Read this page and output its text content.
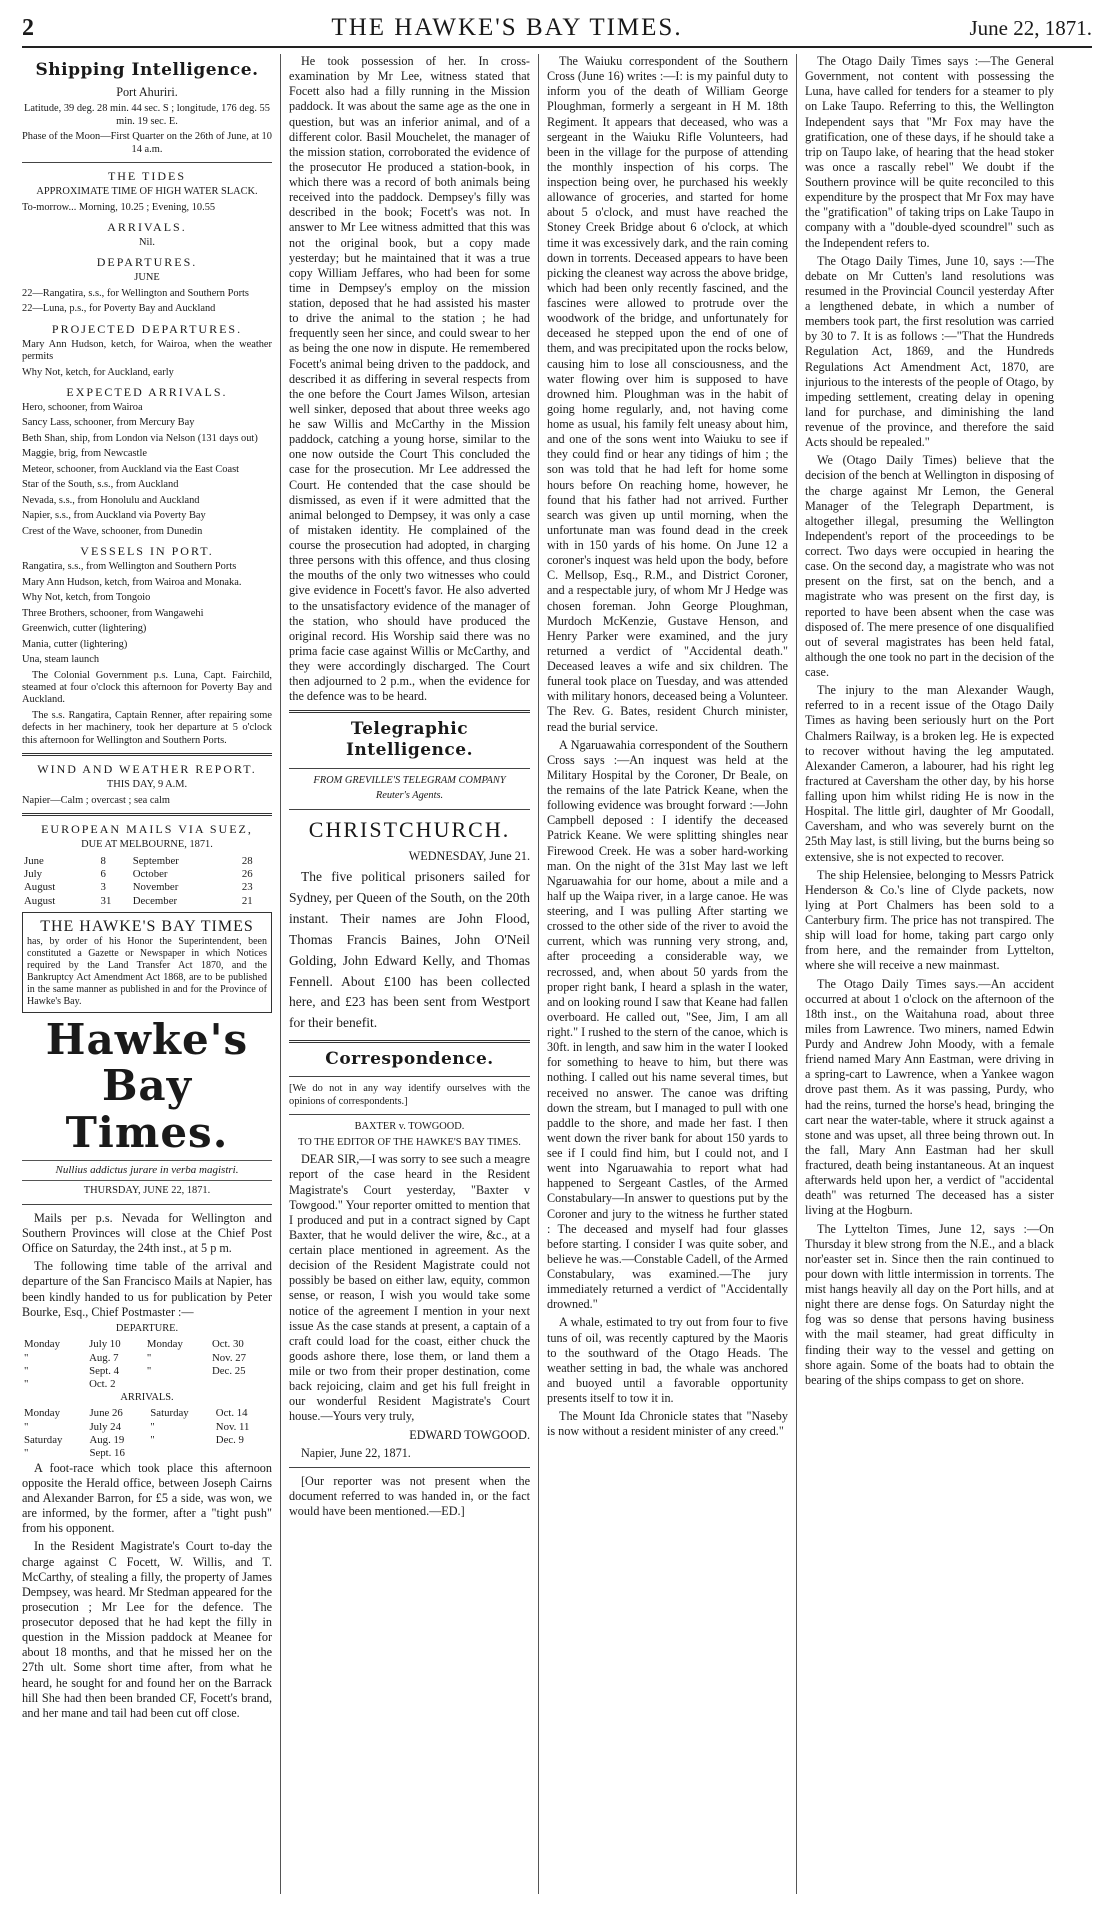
2	THE HAWKE'S BAY TIMES.	June 22, 1871.
Shipping Intelligence.

Port Ahuriri.

Latitude, 39 deg. 28 min. 44 sec. S ; longitude, 176 deg. 55 min. 19 sec. E.

Phase of the Moon—First Quarter on the 26th of June, at 10 14 a.m.

THE TIDES

APPROXIMATE TIME OF HIGH WATER SLACK.

To-morrow... Morning, 10.25 ; Evening, 10.55

ARRIVALS.

Nil.

DEPARTURES.

JUNE

22—Rangatira, s.s., for Wellington and Southern Ports

22—Luna, p.s., for Poverty Bay and Auckland

PROJECTED DEPARTURES.

Mary Ann Hudson, ketch, for Wairoa, when the weather permits

Why Not, ketch, for Auckland, early

EXPECTED ARRIVALS.

Hero, schooner, from Wairoa

Sancy Lass, schooner, from Mercury Bay

Beth Shan, ship, from London via Nelson (131 days out)

Maggie, brig, from Newcastle

Meteor, schooner, from Auckland via the East Coast

Star of the South, s.s., from Auckland

Nevada, s.s., from Honolulu and Auckland

Napier, s.s., from Auckland via Poverty Bay

Crest of the Wave, schooner, from Dunedin

VESSELS IN PORT.

Rangatira, s.s., from Wellington and Southern Ports

Mary Ann Hudson, ketch, from Wairoa and Monaka.

Why Not, ketch, from Tongoio

Three Brothers, schooner, from Wangawehi

Greenwich, cutter (lightering)

Mania, cutter (lightering)

Una, steam launch

The Colonial Government p.s. Luna, Capt. Fairchild, steamed at four o'clock this afternoon for Poverty Bay and Auckland.

The s.s. Rangatira, Captain Renner, after repairing some defects in her machinery, took her departure at 5 o'clock this afternoon for Wellington and Southern Ports.

WIND AND WEATHER REPORT.

THIS DAY, 9 A.M.

Napier—Calm ; overcast ; sea calm

EUROPEAN MAILS VIA SUEZ,

DUE AT MELBOURNE, 1871.

June	8	September	28
July	6	October	26
August	3	November	23
August	31	December	21
THE HAWKE'S BAY TIMES
has, by order of his Honor the Superintendent, been constituted a Gazette or Newspaper in which Notices required by the Land Transfer Act 1870, and the Bankruptcy Act Amendment Act 1868, are to be published in the same manner as published in and for the Province of Hawke's Bay.
Hawke's Bay Times.
Nullius addictus jurare in verba magistri.

THURSDAY, JUNE 22, 1871.

Mails per p.s. Nevada for Wellington and Southern Provinces will close at the Chief Post Office on Saturday, the 24th inst., at 5 p m.

The following time table of the arrival and departure of the San Francisco Mails at Napier, has been kindly handed to us for publication by Peter Bourke, Esq., Chief Postmaster :—

DEPARTURE.

Monday	July 10	Monday	Oct. 30
"	Aug. 7	"	Nov. 27
"	Sept. 4	"	Dec. 25
"	Oct. 2		

ARRIVALS.

Monday	June 26	Saturday	Oct. 14
"	July 24	"	Nov. 11
Saturday	Aug. 19	"	Dec. 9
"	Sept. 16		

A foot-race which took place this afternoon opposite the Herald office, between Joseph Cairns and Alexander Barron, for £5 a side, was won, we are informed, by the former, after a "tight push" from his opponent.

In the Resident Magistrate's Court to-day the charge against C Focett, W. Willis, and T. McCarthy, of stealing a filly, the property of James Dempsey, was heard. Mr Stedman appeared for the prosecution ; Mr Lee for the defence. The prosecutor deposed that he had kept the filly in question in the Mission paddock at Meanee for about 18 months, and that he missed her on the 27th ult. Some short time after, from what he heard, he sought for and found her on the Barrack hill She had then been branded CF, Focett's brand, and her mane and tail had been cut off close.

He took possession of her. In cross-examination by Mr Lee, witness stated that Focett also had a filly running in the Mission paddock. It was about the same age as the one in question, but was an inferior animal, and of a different color. Basil Mouchelet, the manager of the mission station, corroborated the evidence of the prosecutor He produced a station-book, in which there was a record of both animals being received into the paddock. Dempsey's filly was described in the book; Focett's was not. In answer to Mr Lee witness admitted that this was not the original book, but a copy made yesterday; but he maintained that it was a true copy William Jeffares, who had been for some time in Dempsey's employ on the mission station, deposed that he had assisted his master to drive the animal to the station ; he had frequently seen her since, and could swear to her as being the one now in dispute. He remembered Focett's animal being driven to the paddock, and described it as differing in several respects from the one before the Court James Wilson, artesian well sinker, deposed that about three weeks ago he saw Willis and McCarthy in the Mission paddock, catching a young horse, similar to the one now outside the Court This concluded the case for the prosecution. Mr Lee addressed the Court. He contended that the case should be dismissed, as even if it were admitted that the animal belonged to Dempsey, it was only a case of mistaken identity. He complained of the course the prosecution had adopted, in charging three persons with this offence, and thus closing the mouths of the only two witnesses who could give evidence in Focett's favor. He also adverted to the unsatisfactory evidence of the manager of the station, who should have produced the original record. His Worship said there was no prima facie case against Willis or McCarthy, and they were accordingly discharged. The Court then adjourned to 2 p.m., when the evidence for the defence was to be heard.

Telegraphic Intelligence.

FROM GREVILLE'S TELEGRAM COMPANY

Reuter's Agents.

CHRISTCHURCH.

WEDNESDAY, June 21.

The five political prisoners sailed for Sydney, per Queen of the South, on the 20th instant. Their names are John Flood, Thomas Francis Baines, John O'Neil Golding, John Edward Kelly, and Thomas Fennell. About £100 has been collected here, and £23 has been sent from Westport for their benefit.

Correspondence.

[We do not in any way identify ourselves with the opinions of correspondents.]

BAXTER v. TOWGOOD.

TO THE EDITOR OF THE HAWKE'S BAY TIMES.

DEAR SIR,—I was sorry to see such a meagre report of the case heard in the Resident Magistrate's Court yesterday, "Baxter v Towgood." Your reporter omitted to mention that I produced and put in a contract signed by Capt Baxter, that he would deliver the wire, &c., at a certain place mentioned in agreement. As the decision of the Resident Magistrate could not possibly be based on either law, equity, common sense, or reason, I wish you would take some notice of the agreement I mention in your next issue As the case stands at present, a captain of a craft could load for the coast, either chuck the goods ashore there, lose them, or land them a mile or two from their proper destination, come back rejoicing, claim and get his full freight in our wonderful Resident Magistrate's Court house.—Yours very truly,

EDWARD TOWGOOD.

Napier, June 22, 1871.

[Our reporter was not present when the document referred to was handed in, or the fact would have been mentioned.—ED.]

The Waiuku correspondent of the Southern Cross (June 16) writes :—I: is my painful duty to inform you of the death of William George Ploughman, formerly a sergeant in H M. 18th Regiment. It appears that deceased, who was a sergeant in the Waiuku Rifle Volunteers, had been in the village for the purpose of attending the monthly inspection of his corps. The inspection being over, he purchased his weekly allowance of groceries, and started for home about 5 o'clock, and must have reached the Stoney Creek Bridge about 6 o'clock, at which time it was excessively dark, and the rain coming down in torrents. Deceased appears to have been picking the cleanest way across the above bridge, which had been only recently fascined, and the fascines were allowed to protrude over the woodwork of the bridge, and unfortunately for deceased he stepped upon the end of one of them, and was precipitated upon the rocks below, causing him to lose all consciousness, and the water flowing over him is supposed to have drowned him. Ploughman was in the habit of going home regularly, and, not having come home as usual, his family felt uneasy about him, and one of the sons went into Waiuku to see if they could find or hear any tidings of him ; the son was told that he had left for home some hours before On reaching home, however, he found that his father had not arrived. Further search was given up until morning, when the unfortunate man was found dead in the creek with in 150 yards of his home. On June 12 a coroner's inquest was held upon the body, before C. Mellsop, Esq., R.M., and District Coroner, and a respectable jury, of whom Mr J Hedge was chosen foreman. John George Ploughman, Murdoch McKenzie, Gustave Henson, and Henry Parker were examined, and the jury returned a verdict of "Accidental death." Deceased leaves a wife and six children. The funeral took place on Tuesday, and was attended with military honors, deceased being a Volunteer. The Rev. G. Bates, resident Church minister, read the burial service.

A Ngaruawahia correspondent of the Southern Cross says :—An inquest was held at the Military Hospital by the Coroner, Dr Beale, on the remains of the late Patrick Keane, when the following evidence was brought forward :—John Campbell deposed : I identify the deceased Patrick Keane. We were splitting shingles near Firewood Creek. He was a sober hard-working man. On the night of the 31st May last we left Ngaruawahia for our home, about a mile and a half up the Waipa river, in a large canoe. He was steering, and I was pulling After starting we crossed to the other side of the river to avoid the current, which was running very strong, and, after proceeding a considerable way, we recrossed, and, when about 50 yards from the proper right bank, I heard a splash in the water, and on looking round I saw that Keane had fallen overboard. He called out, "See, Jim, I am all right." I rushed to the stern of the canoe, which is 30ft. in length, and saw him in the water I looked for something to heave to him, but there was nothing. I called out his name several times, but received no answer. The canoe was drifting down the stream, but I managed to pull with one paddle to the shore, and made her fast. I then went down the river bank for about 150 yards to see if I could find him, but I could not, and I went into Ngaruawahia to report what had happened to Sergeant Castles, of the Armed Constabulary—In answer to questions put by the Coroner and jury to the witness he further stated : The deceased and myself had four glasses before starting. I consider I was quite sober, and believe he was.—Constable Cadell, of the Armed Constabulary, was examined.—The jury immediately returned a verdict of "Accidentally drowned."

A whale, estimated to try out from four to five tuns of oil, was recently captured by the Maoris to the southward of the Otago Heads. The weather setting in bad, the whale was anchored and buoyed until a favorable opportunity presents itself to tow it in.

The Mount Ida Chronicle states that "Naseby is now without a resident minister of any creed."

The Otago Daily Times says :—The General Government, not content with possessing the Luna, have called for tenders for a steamer to ply on Lake Taupo. Referring to this, the Wellington Independent says that "Mr Fox may have the gratification, one of these days, if he should take a trip on Taupo lake, of hearing that the head stoker was once a rascally rebel" We doubt if the Southern province will be quite reconciled to this expenditure by the prospect that Mr Fox may have the "gratification" of taking trips on Lake Taupo in company with a "double-dyed scoundrel" such as the Independent refers to.

The Otago Daily Times, June 10, says :—The debate on Mr Cutten's land resolutions was resumed in the Provincial Council yesterday After a lengthened debate, in which a number of members took part, the first resolution was carried by 30 to 7. It is as follows :—"That the Hundreds Regulation Act, 1869, and the Hundreds Regulations Act Amendment Act, 1870, are injurious to the interests of the people of Otago, by impeding settlement, creating delay in opening land for purchase, and diminishing the land revenue of the province, and therefore the said Acts should be repealed."

We (Otago Daily Times) believe that the decision of the bench at Wellington in disposing of the charge against Mr Lemon, the General Manager of the Telegraph Department, is altogether illegal, presuming the Wellington Independent's report of the proceedings to be correct. Two days were occupied in hearing the case. On the second day, a magistrate who was not present on the first, sat on the bench, and a magistrate who was present on the first day, is reported to have been absent when the case was disposed of. The mere presence of one disqualified out of several magistrates has been held fatal, although the one took no part in the decision of the case.

The injury to the man Alexander Waugh, referred to in a recent issue of the Otago Daily Times as having been seriously hurt on the Port Chalmers Railway, is a broken leg. He is expected to recover without having the leg amputated. Alexander Cameron, a labourer, had his right leg fractured at Caversham the other day, by his horse falling upon him whilst riding He is now in the Hospital. The little girl, daughter of Mr Goodall, Caversham, and who was severely burnt on the 25th May last, is still living, but the burns being so extensive, she is not expected to recover.

The ship Helensiee, belonging to Messrs Patrick Henderson & Co.'s line of Clyde packets, now lying at Port Chalmers has been sold to a Canterbury firm. The price has not transpired. The ship will load for home, taking part cargo only from here, and the remainder from Lyttelton, where she will receive a new mainmast.

The Otago Daily Times says.—An accident occurred at about 1 o'clock on the afternoon of the 18th inst., on the Waitahuna road, about three miles from Lawrence. Two miners, named Edwin Purdy and Andrew John Moody, with a female friend named Mary Ann Eastman, were driving in a spring-cart to Lawrence, when a Yankee wagon drove past them. As it was passing, Purdy, who had the reins, turned the horse's head, bringing the cart near the water-table, where it struck against a stone and was upset, all three being thrown out. In the fall, Mary Ann Eastman had her skull fractured, death being instantaneous. At an inquest afterwards held upon her, a verdict of "accidental death" was returned The deceased has a sister living at the Hogburn.

The Lyttelton Times, June 12, says :—On Thursday it blew strong from the N.E., and a black nor'easter set in. Since then the rain continued to pour down with little intermission in torrents. The mist hangs heavily all day on the Port hills, and at night there are dense fogs. On Saturday night the fog was so dense that persons having business with the mail steamer, had great difficulty in finding their way to the vessel and getting on shore again. Some of the boats had to obtain the bearing of the ships compass to get on shore.
